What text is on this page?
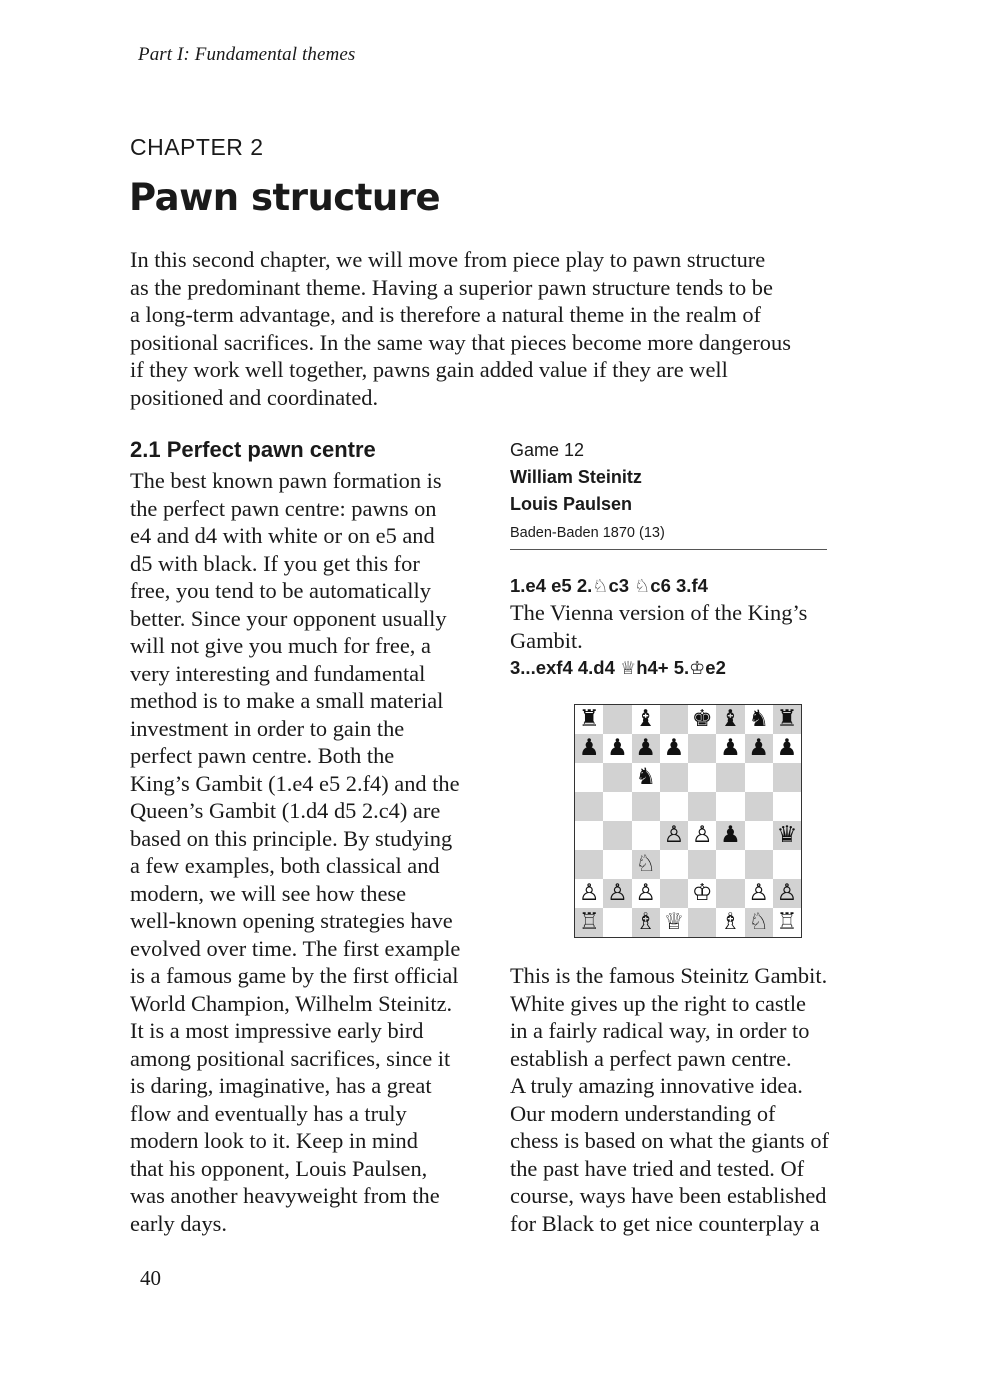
Part I: Fundamental themes
CHAPTER 2
Pawn structure

In this second chapter, we will move from piece play to pawn structure
as the predominant theme. Having a superior pawn structure tends to be
a long-term advantage, and is therefore a natural theme in the realm of
positional sacrifices. In the same way that pieces become more dangerous
if they work well together, pawns gain added value if they are well
positioned and coordinated.

2.1 Perfect pawn centre

The best known pawn formation is
the perfect pawn centre: pawns on
e4 and d4 with white or on e5 and
d5 with black. If you get this for
free, you tend to be automatically
better. Since your opponent usually
will not give you much for free, a
very interesting and fundamental
method is to make a small material
investment in order to gain the
perfect pawn centre. Both the
King’s Gambit (1.e4 e5 2.f4) and the
Queen’s Gambit (1.d4 d5 2.c4) are
based on this principle. By studying
a few examples, both classical and
modern, we will see how these
well-known opening strategies have
evolved over time. The first example
is a famous game by the first official
World Champion, Wilhelm Steinitz.
It is a most impressive early bird
among positional sacrifices, since it
is daring, imaginative, has a great
flow and eventually has a truly
modern look to it. Keep in mind
that his opponent, Louis Paulsen,
was another heavyweight from the
early days.

Game 12
William Steinitz
Louis Paulsen
Baden-Baden 1870 (13)
1.e4 e5 2.♘c3 ♘c6 3.f4

The Vienna version of the King’s
Gambit.

3...exf4 4.d4 ♕h4+ 5.♔e2
♜ ♝ ♚ ♝ ♞ ♜
♟ ♟ ♟ ♟ ♟ ♟ ♟
♞
♙ ♙ ♟ ♛
♘
♙ ♙ ♙ ♔ ♙ ♙
♖ ♗ ♕ ♗ ♘ ♖

This is the famous Steinitz Gambit.
White gives up the right to castle
in a fairly radical way, in order to
establish a perfect pawn centre.
A truly amazing innovative idea.
Our modern understanding of
chess is based on what the giants of
the past have tried and tested. Of
course, ways have been established
for Black to get nice counterplay a

40
